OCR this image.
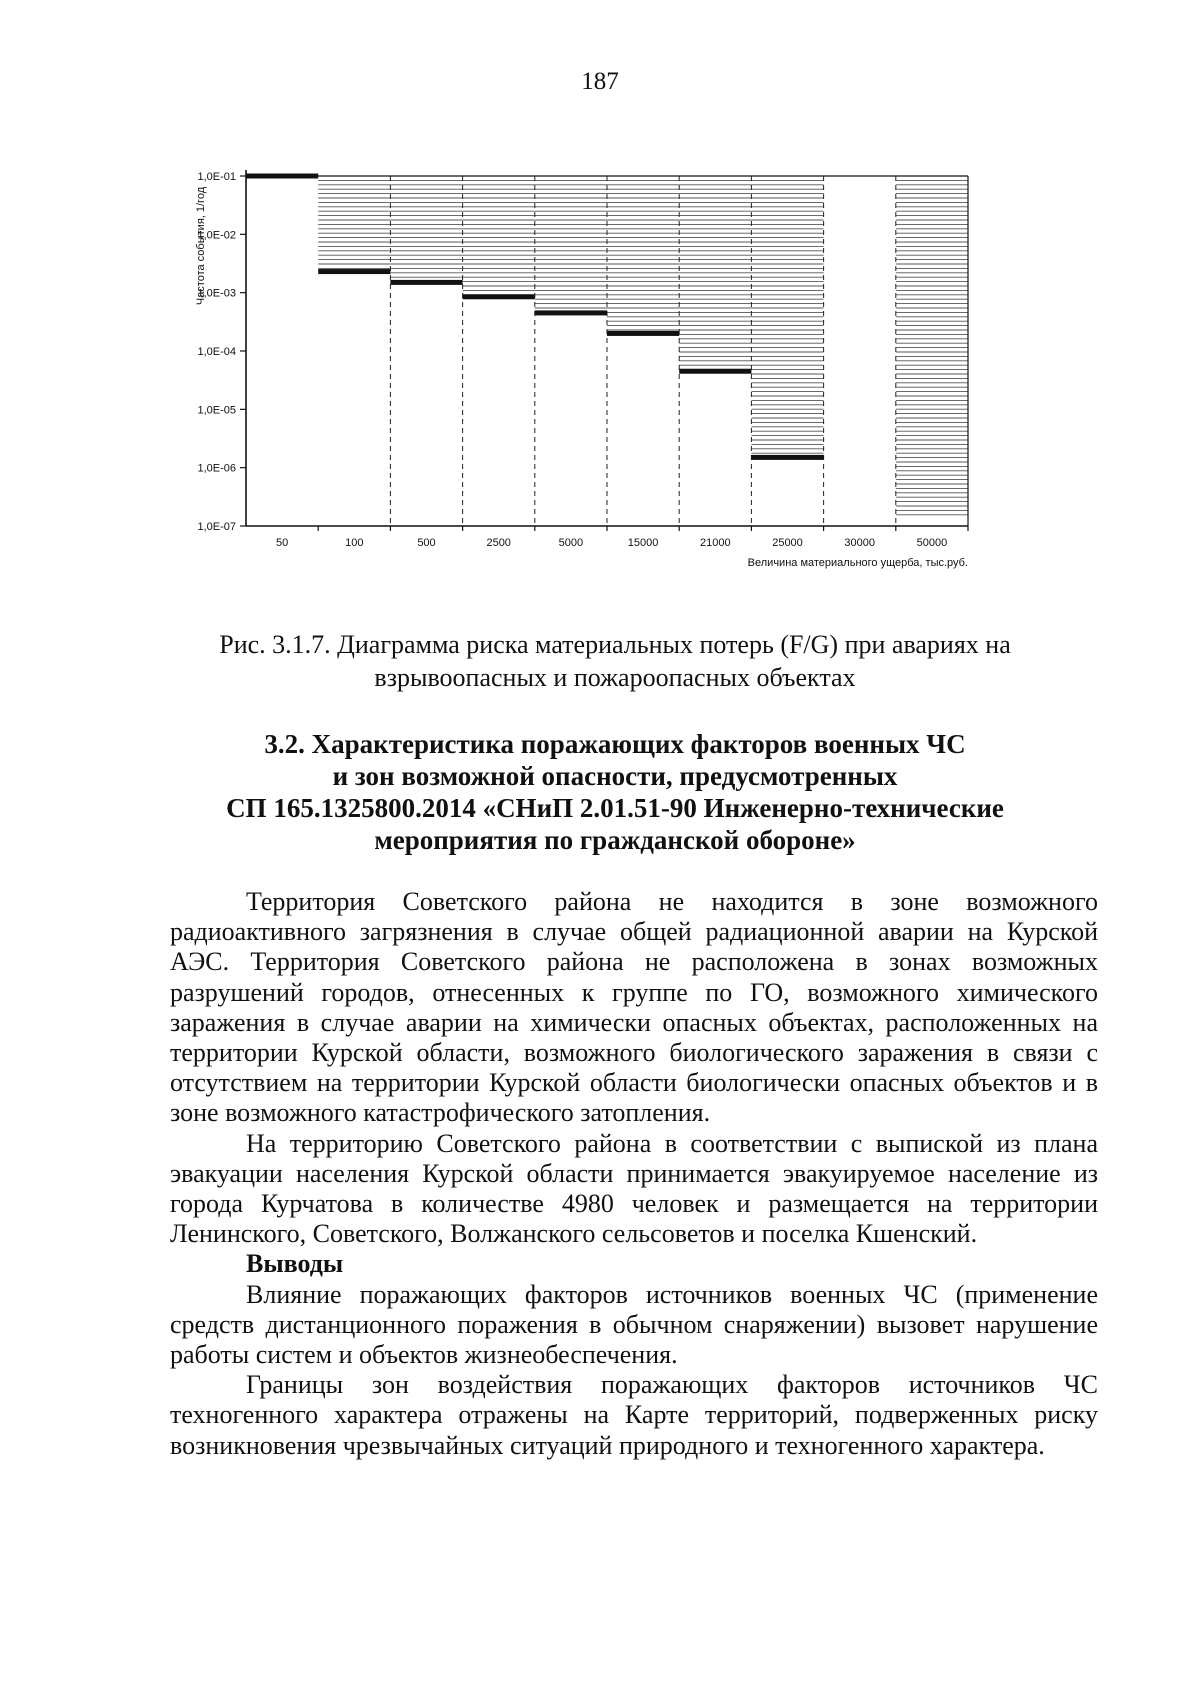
187
1,0E-01
1,0E-02
1,0E-03
1,0E-04
1,0E-05
1,0E-06
1,0E-07
50	100	500	2500	5000	15000	21000	25000	30000	50000
Частота события, 1/год
Величина материального ущерба, тыс.руб.
Рис. 3.1.7. Диаграмма риска материальных потерь (F/G) при авариях на взрывоопасных и пожароопасных объектах
3.2. Характеристика поражающих факторов военных ЧС
и зон возможной опасности, предусмотренных
СП 165.1325800.2014 «СНиП 2.01.51-90 Инженерно-технические
мероприятия по гражданской обороне»

Территория Советского района не находится в зоне возможного радиоактивного загрязнения в случае общей радиационной аварии на Курской АЭС. Территория Советского района не расположена в зонах возможных разрушений городов, отнесенных к группе по ГО, возможного химического заражения в случае аварии на химически опасных объектах, расположенных на территории Курской области, возможного биологического заражения в связи с отсутствием на территории Курской области биологически опасных объектов и в зоне возможного катастрофического затопления.

На территорию Советского района в соответствии с выпиской из плана эвакуации населения Курской области принимается эвакуируемое население из города Курчатова в количестве 4980 человек и размещается на территории Ленинского, Советского, Волжанского сельсоветов и поселка Кшенский.

Выводы

Влияние поражающих факторов источников военных ЧС (применение средств дистанционного поражения в обычном снаряжении) вызовет нарушение работы систем и объектов жизнеобеспечения.

Границы зон воздействия поражающих факторов источников ЧС техногенного характера отражены на Карте территорий, подверженных риску возникновения чрезвычайных ситуаций природного и техногенного характера.
